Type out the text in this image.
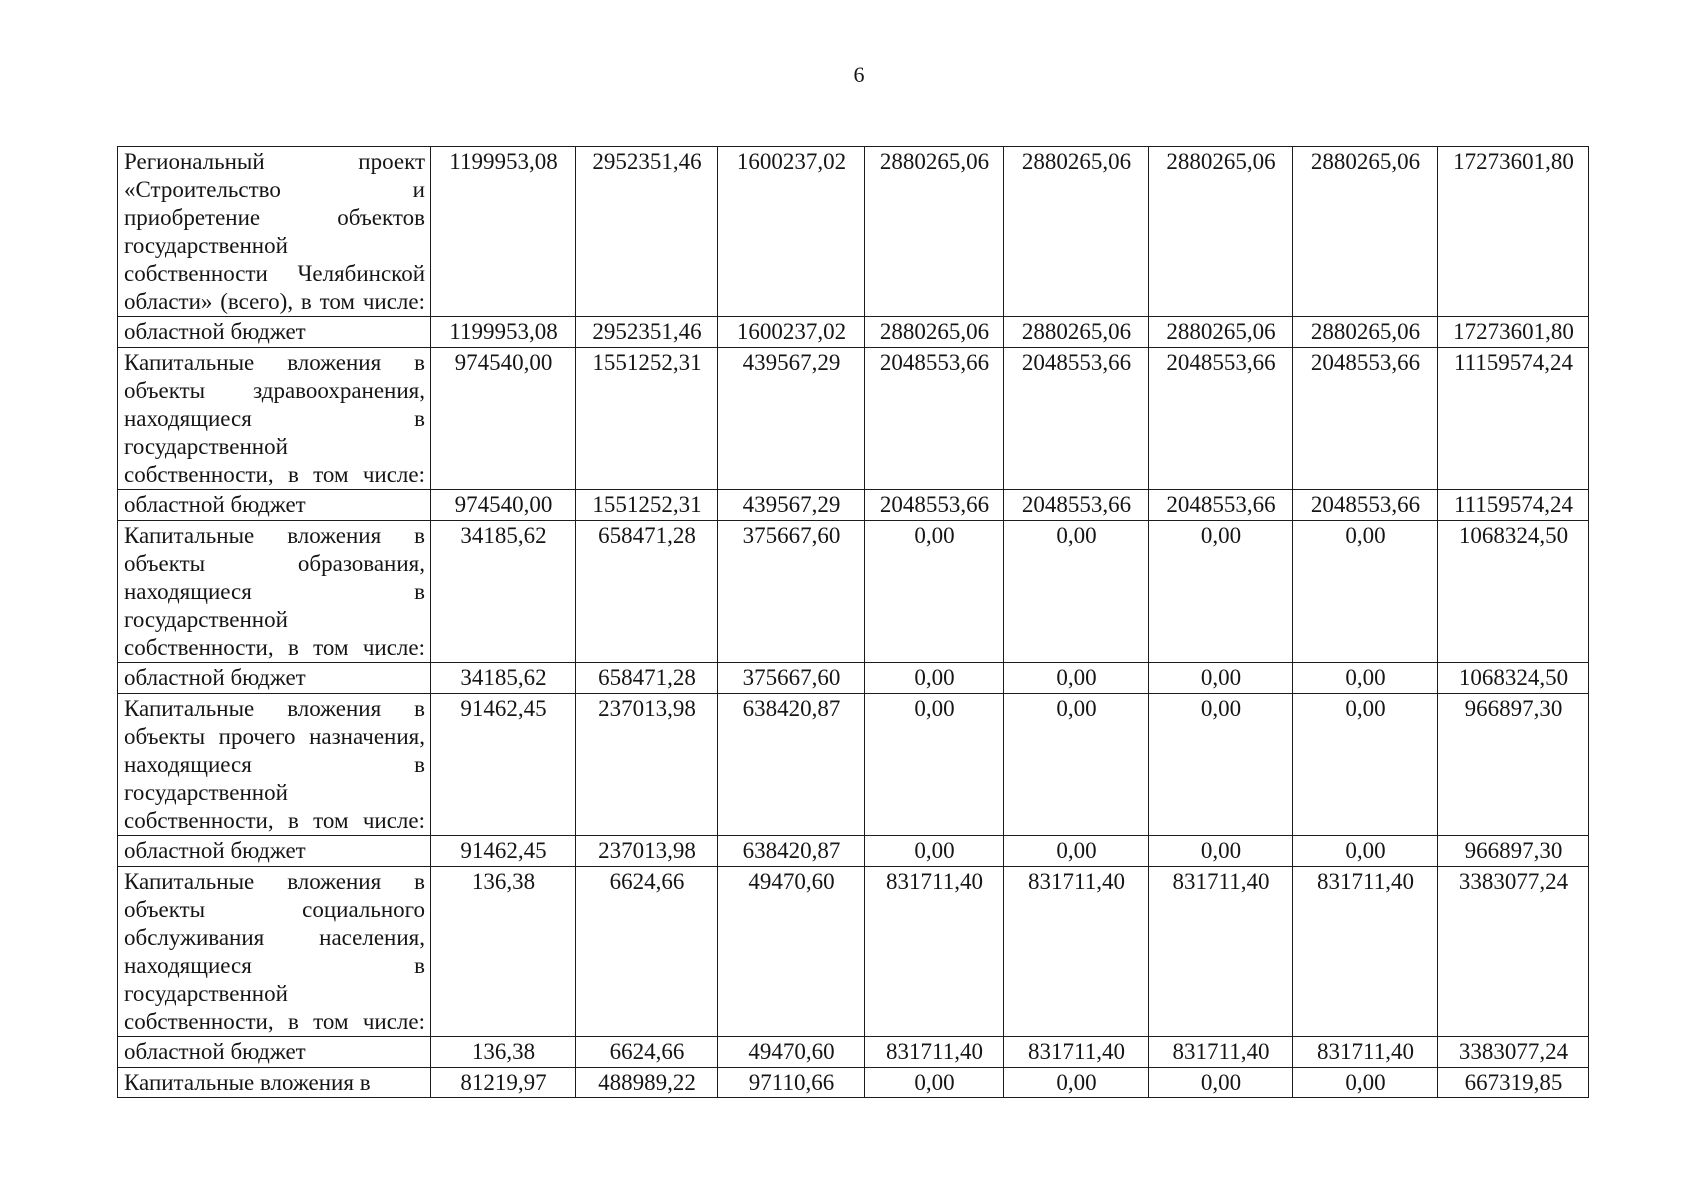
6
Региональный проект «Строительство и приобретение объектов государственной собственности Челябинской области» (всего), в том числе:	1199953,08	2952351,46	1600237,02	2880265,06	2880265,06	2880265,06	2880265,06	17273601,80

областной бюджет	1199953,08	2952351,46	1600237,02	2880265,06	2880265,06	2880265,06	2880265,06	17273601,80

Капитальные вложения в объекты здравоохранения, находящиеся в государственной собственности, в том числе:	974540,00	1551252,31	439567,29	2048553,66	2048553,66	2048553,66	2048553,66	11159574,24

областной бюджет	974540,00	1551252,31	439567,29	2048553,66	2048553,66	2048553,66	2048553,66	11159574,24

Капитальные вложения в объекты образования, находящиеся в государственной собственности, в том числе:	34185,62	658471,28	375667,60	0,00	0,00	0,00	0,00	1068324,50

областной бюджет	34185,62	658471,28	375667,60	0,00	0,00	0,00	0,00	1068324,50

Капитальные вложения в объекты прочего назначения, находящиеся в государственной собственности, в том числе:	91462,45	237013,98	638420,87	0,00	0,00	0,00	0,00	966897,30

областной бюджет	91462,45	237013,98	638420,87	0,00	0,00	0,00	0,00	966897,30

Капитальные вложения в объекты социального обслуживания населения, находящиеся в государственной собственности, в том числе:	136,38	6624,66	49470,60	831711,40	831711,40	831711,40	831711,40	3383077,24

областной бюджет	136,38	6624,66	49470,60	831711,40	831711,40	831711,40	831711,40	3383077,24

Капитальные вложения в	81219,97	488989,22	97110,66	0,00	0,00	0,00	0,00	667319,85
